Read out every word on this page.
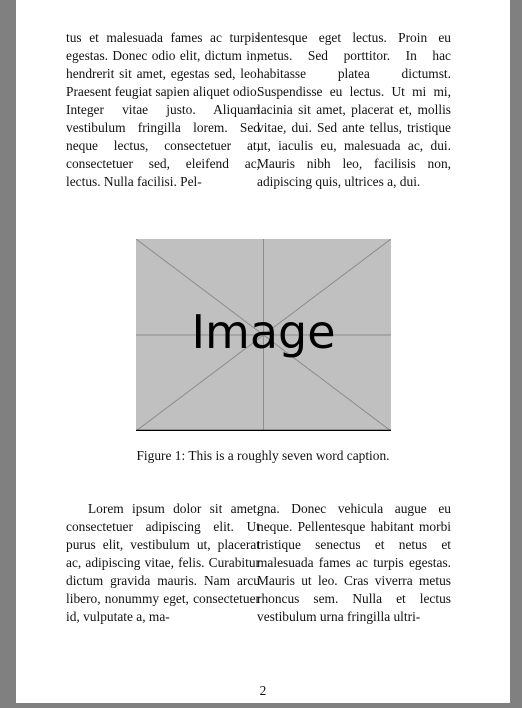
tus et malesuada fames ac turpis egestas. Donec odio elit, dictum in, hendrerit sit amet, egestas sed, leo. Praesent feugiat sapien aliquet odio. Integer vitae justo. Aliquam vestibulum fringilla lorem. Sed neque lectus, consectetuer at, consectetuer sed, eleifend ac, lectus. Nulla facilisi. Pel-

lentesque eget lectus. Proin eu metus. Sed porttitor. In hac habitasse platea dictumst. Suspendisse eu lectus. Ut mi mi, lacinia sit amet, placerat et, mollis vitae, dui. Sed ante tellus, tristique ut, iaculis eu, malesuada ac, dui. Mauris nibh leo, facilisis non, adipiscing quis, ultrices a, dui.

Image
Figure 1: This is a roughly seven word caption.

Lorem ipsum dolor sit amet, consectetuer adipiscing elit. Ut purus elit, vestibulum ut, placerat ac, adipiscing vitae, felis. Curabitur dictum gravida mauris. Nam arcu libero, nonummy eget, consectetuer id, vulputate a, ma-

gna. Donec vehicula augue eu neque. Pellentesque habitant morbi tristique senectus et netus et malesuada fames ac turpis egestas. Mauris ut leo. Cras viverra metus rhoncus sem. Nulla et lectus vestibulum urna fringilla ultri-

2
